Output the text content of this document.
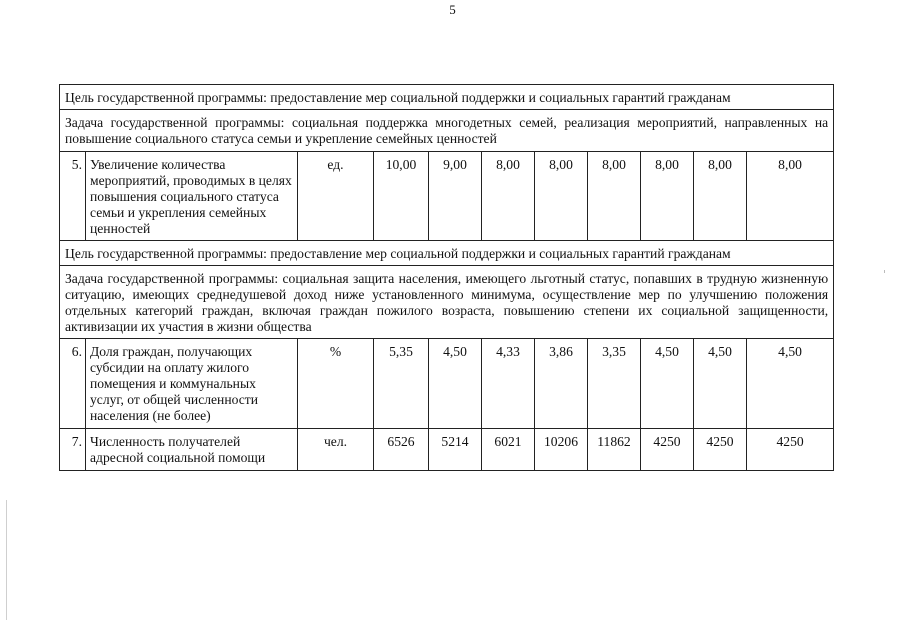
5
Цель государственной программы: предоставление мер социальной поддержки и социальных гарантий гражданам										
Задача государственной программы: социальная поддержка многодетных семей, реализация мероприятий, направленных на повышение социального статуса семьи и укрепление семейных ценностей										
5.	Увеличение количества мероприятий, проводимых в целях повышения социального статуса семьи и укрепления семейных ценностей	ед.	10,00	9,00	8,00	8,00	8,00	8,00	8,00	8,00
Цель государственной программы: предоставление мер социальной поддержки и социальных гарантий гражданам										
Задача государственной программы: социальная защита населения, имеющего льготный статус, попавших в трудную жизненную ситуацию, имеющих среднедушевой доход ниже установленного минимума, осуществление мер по улучшению положения отдельных категорий граждан, включая граждан пожилого возраста, повышению степени их социальной защищенности, активизации их участия в жизни общества										
6.	Доля граждан, получающих субсидии на оплату жилого помещения и коммунальных услуг, от общей численности населения (не более)	%	5,35	4,50	4,33	3,86	3,35	4,50	4,50	4,50
7.	Численность получателей адресной социальной помощи	чел.	6526	5214	6021	10206	11862	4250	4250	4250
